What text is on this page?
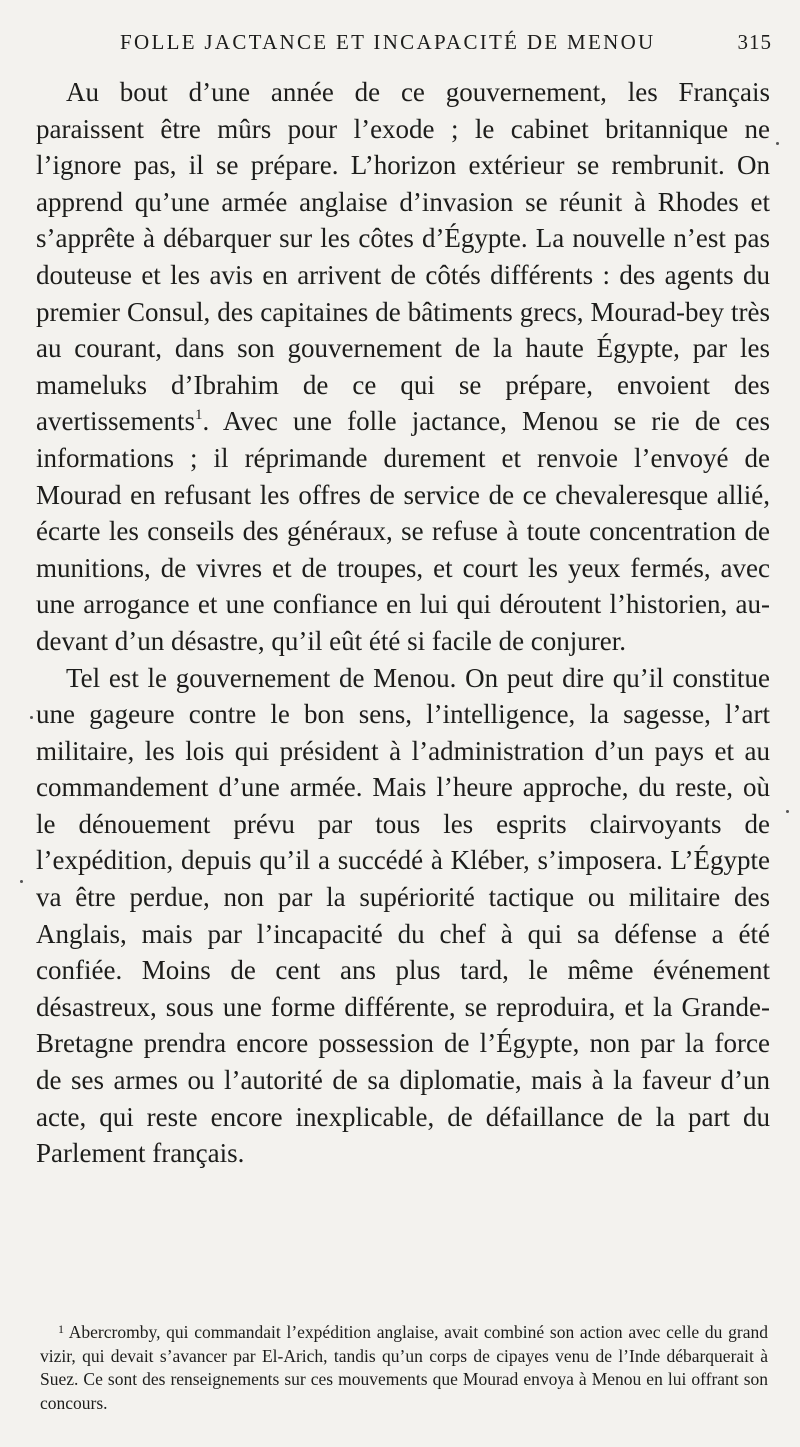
FOLLE JACTANCE ET INCAPACITÉ DE MENOU	315

Au bout d’une année de ce gouvernement, les Français paraissent être mûrs pour l’exode ; le cabinet britannique ne l’ignore pas, il se prépare. L’horizon extérieur se rembrunit. On apprend qu’une armée anglaise d’invasion se réunit à Rhodes et s’apprête à débarquer sur les côtes d’Égypte. La nouvelle n’est pas douteuse et les avis en arrivent de côtés différents : des agents du premier Consul, des capitaines de bâtiments grecs, Mourad-bey très au courant, dans son gouvernement de la haute Égypte, par les mameluks d’Ibrahim de ce qui se prépare, envoient des avertissements$^1$. Avec une folle jactance, Menou se rie de ces informations ; il réprimande durement et renvoie l’envoyé de Mourad en refusant les offres de service de ce chevaleresque allié, écarte les conseils des généraux, se refuse à toute concentration de munitions, de vivres et de troupes, et court les yeux fermés, avec une arrogance et une confiance en lui qui déroutent l’historien, au-devant d’un désastre, qu’il eût été si facile de conjurer.

Tel est le gouvernement de Menou. On peut dire qu’il constitue une gageure contre le bon sens, l’intelligence, la sagesse, l’art militaire, les lois qui président à l’administration d’un pays et au commandement d’une armée. Mais l’heure approche, du reste, où le dénouement prévu par tous les esprits clairvoyants de l’expédition, depuis qu’il a succédé à Kléber, s’imposera. L’Égypte va être perdue, non par la supériorité tactique ou militaire des Anglais, mais par l’incapacité du chef à qui sa défense a été confiée. Moins de cent ans plus tard, le même événement désastreux, sous une forme différente, se reproduira, et la Grande-Bretagne prendra encore possession de l’Égypte, non par la force de ses armes ou l’autorité de sa diplomatie, mais à la faveur d’un acte, qui reste encore inexplicable, de défaillance de la part du Parlement français.

$^1$ Abercromby, qui commandait l’expédition anglaise, avait combiné son action avec celle du grand vizir, qui devait s’avancer par El-Arich, tandis qu’un corps de cipayes venu de l’Inde débarquerait à Suez. Ce sont des renseignements sur ces mouvements que Mourad envoya à Menou en lui offrant son concours.
